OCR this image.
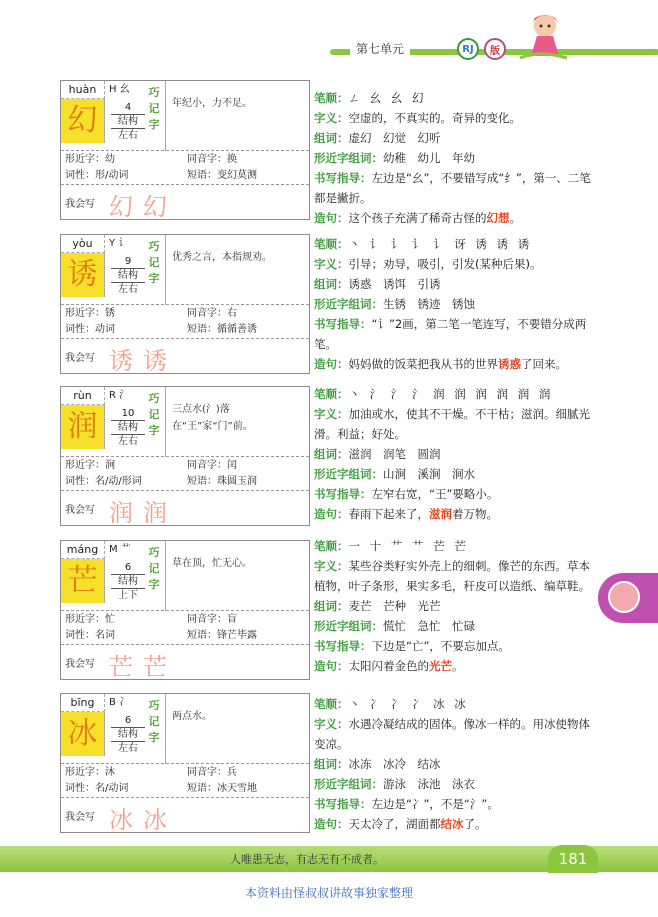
第七单元	RJ	版
huàn	H 幺
幻	4
结构
左右
巧
记
字
年纪小，力不足。
形近字：幼	同音字：换
词性：形/动词	短语：变幻莫测
我会写 幻幻
yòu	Y 讠
诱	9
结构
左右
巧
记
字
优秀之言，本指规劝。
形近字：锈	同音字：右
词性：动词	短语：循循善诱
我会写 诱诱
rùn	R 氵
润	10
结构
左右
巧
记
字
三点水(氵)落在“王”家“门”前。
形近字：涧	同音字：闰
词性：名/动/形词	短语：珠圆玉润
我会写 润润
máng	M 艹
芒	6
结构
上下
巧
记
字
草在顶，忙无心。
形近字：忙	同音字：盲
词性：名词	短语：锋芒毕露
我会写 芒芒
bīng	B 冫
冰	6
结构
左右
巧
记
字
两点水。
形近字：沐	同音字：兵
词性：名/动词	短语：冰天雪地
我会写 冰冰

笔顺：ㄥ 幺 幺 幻

字义：空虚的，不真实的。奇异的变化。

组词：虚幻　幻觉　幻听

形近字组词：幼稚　幼儿　年幼

书写指导：左边是“幺”，不要错写成“纟”，第一、二笔都是撇折。

造句：这个孩子充满了稀奇古怪的幻想。

笔顺：丶 讠 讠 讠 讠 讶 诱 诱 诱

字义：引导；劝导，吸引，引发(某种后果)。

组词：诱惑　诱饵　引诱

形近字组词：生锈　锈迹　锈蚀

书写指导：“讠”2画，第二笔一笔连写，不要错分成两笔。

造句：妈妈做的饭菜把我从书的世界诱惑了回来。

笔顺：丶 氵 氵 氵 润 润 润 润 润 润

字义：加油或水，使其不干燥。不干枯；滋润。细腻光滑。利益；好处。

组词：滋润　润笔　圆润

形近字组词：山涧　溪涧　涧水

书写指导：左窄右宽，“王”要略小。

造句：春雨下起来了，滋润着万物。

笔顺：一 十 艹 艹 芒 芒

字义：某些谷类籽实外壳上的细刺。像芒的东西。草本植物，叶子条形，果实多毛，秆皮可以造纸、编草鞋。

组词：麦芒　芒种　光芒

形近字组词：慌忙　急忙　忙碌

书写指导：下边是“亡”，不要忘加点。

造句：太阳闪着金色的光芒。

笔顺：丶 冫 冫 冫 冰 冰

字义：水遇冷凝结成的固体。像冰一样的。用冰使物体变凉。

组词：冰冻　冰冷　结冰

形近字组词：游泳　泳池　泳衣

书写指导：左边是“冫”，不是“氵”。

造句：天太冷了，湖面都结冰了。

人唯患无志，有志无有不成者。	181
本资料由怪叔叔讲故事独家整理
